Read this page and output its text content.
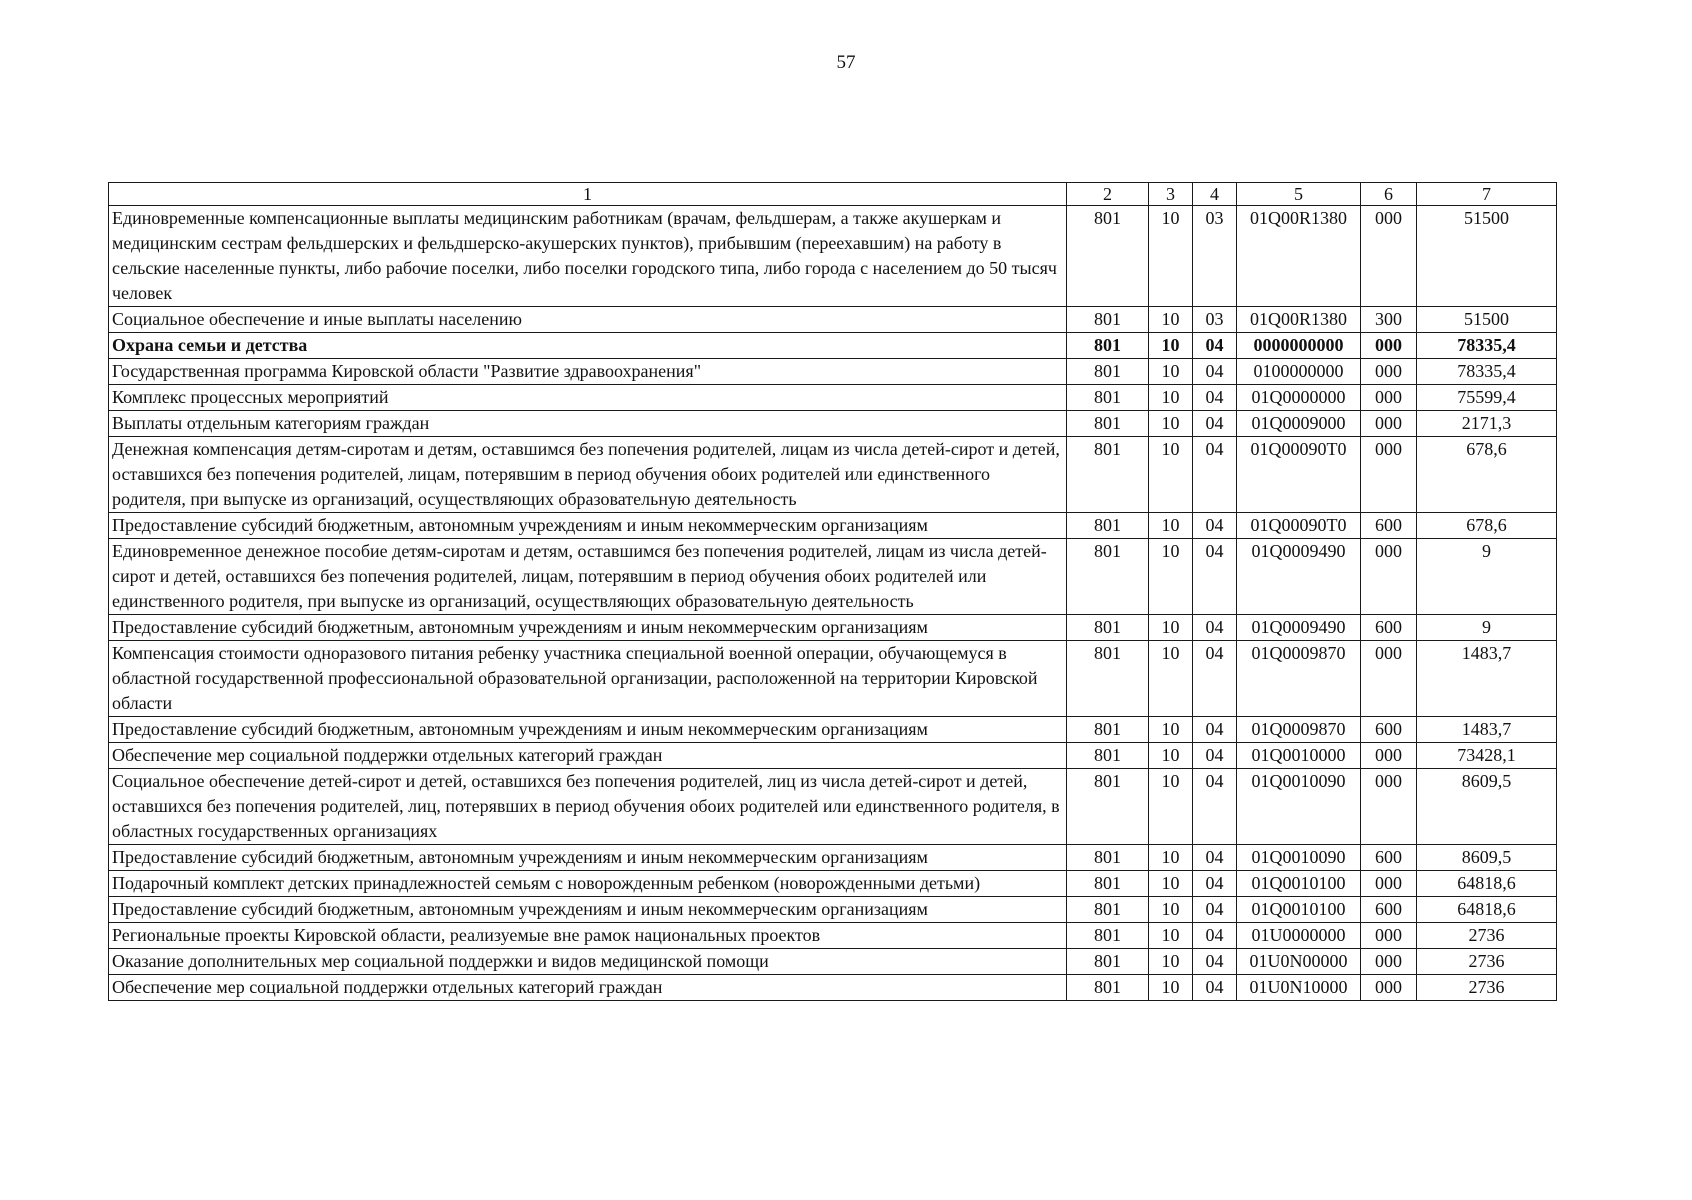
57
1	2	3	4	5	6	7
Единовременные компенсационные выплаты медицинским работникам (врачам, фельдшерам, а также акушеркам и медицинским сестрам фельдшерских и фельдшерско-акушерских пунктов), прибывшим (переехавшим) на работу в сельские населенные пункты, либо рабочие поселки, либо поселки городского типа, либо города с населением до 50 тысяч человек	801	10	03	01Q00R1380	000	51500
Социальное обеспечение и иные выплаты населению	801	10	03	01Q00R1380	300	51500
Охрана семьи и детства	801	10	04	0000000000	000	78335,4
Государственная программа Кировской области "Развитие здравоохранения"	801	10	04	0100000000	000	78335,4
Комплекс процессных мероприятий	801	10	04	01Q0000000	000	75599,4
Выплаты отдельным категориям граждан	801	10	04	01Q0009000	000	2171,3
Денежная компенсация детям-сиротам и детям, оставшимся без попечения родителей, лицам из числа детей-сирот и детей, оставшихся без попечения родителей, лицам, потерявшим в период обучения обоих родителей или единственного родителя, при выпуске из организаций, осуществляющих образовательную деятельность	801	10	04	01Q00090T0	000	678,6
Предоставление субсидий бюджетным, автономным учреждениям и иным некоммерческим организациям	801	10	04	01Q00090T0	600	678,6
Единовременное денежное пособие детям-сиротам и детям, оставшимся без попечения родителей, лицам из числа детей-сирот и детей, оставшихся без попечения родителей, лицам, потерявшим в период обучения обоих родителей или единственного родителя, при выпуске из организаций, осуществляющих образовательную деятельность	801	10	04	01Q0009490	000	9
Предоставление субсидий бюджетным, автономным учреждениям и иным некоммерческим организациям	801	10	04	01Q0009490	600	9
Компенсация стоимости одноразового питания ребенку участника специальной военной операции, обучающемуся в областной государственной профессиональной образовательной организации, расположенной на территории Кировской области	801	10	04	01Q0009870	000	1483,7
Предоставление субсидий бюджетным, автономным учреждениям и иным некоммерческим организациям	801	10	04	01Q0009870	600	1483,7
Обеспечение мер социальной поддержки отдельных категорий граждан	801	10	04	01Q0010000	000	73428,1
Социальное обеспечение детей-сирот и детей, оставшихся без попечения родителей, лиц из числа детей-сирот и детей, оставшихся без попечения родителей, лиц, потерявших в период обучения обоих родителей или единственного родителя, в областных государственных организациях	801	10	04	01Q0010090	000	8609,5
Предоставление субсидий бюджетным, автономным учреждениям и иным некоммерческим организациям	801	10	04	01Q0010090	600	8609,5
Подарочный комплект детских принадлежностей семьям с новорожденным ребенком (новорожденными детьми)	801	10	04	01Q0010100	000	64818,6
Предоставление субсидий бюджетным, автономным учреждениям и иным некоммерческим организациям	801	10	04	01Q0010100	600	64818,6
Региональные проекты Кировской области, реализуемые вне рамок национальных проектов	801	10	04	01U0000000	000	2736
Оказание дополнительных мер социальной поддержки и видов медицинской помощи	801	10	04	01U0N00000	000	2736
Обеспечение мер социальной поддержки отдельных категорий граждан	801	10	04	01U0N10000	000	2736
